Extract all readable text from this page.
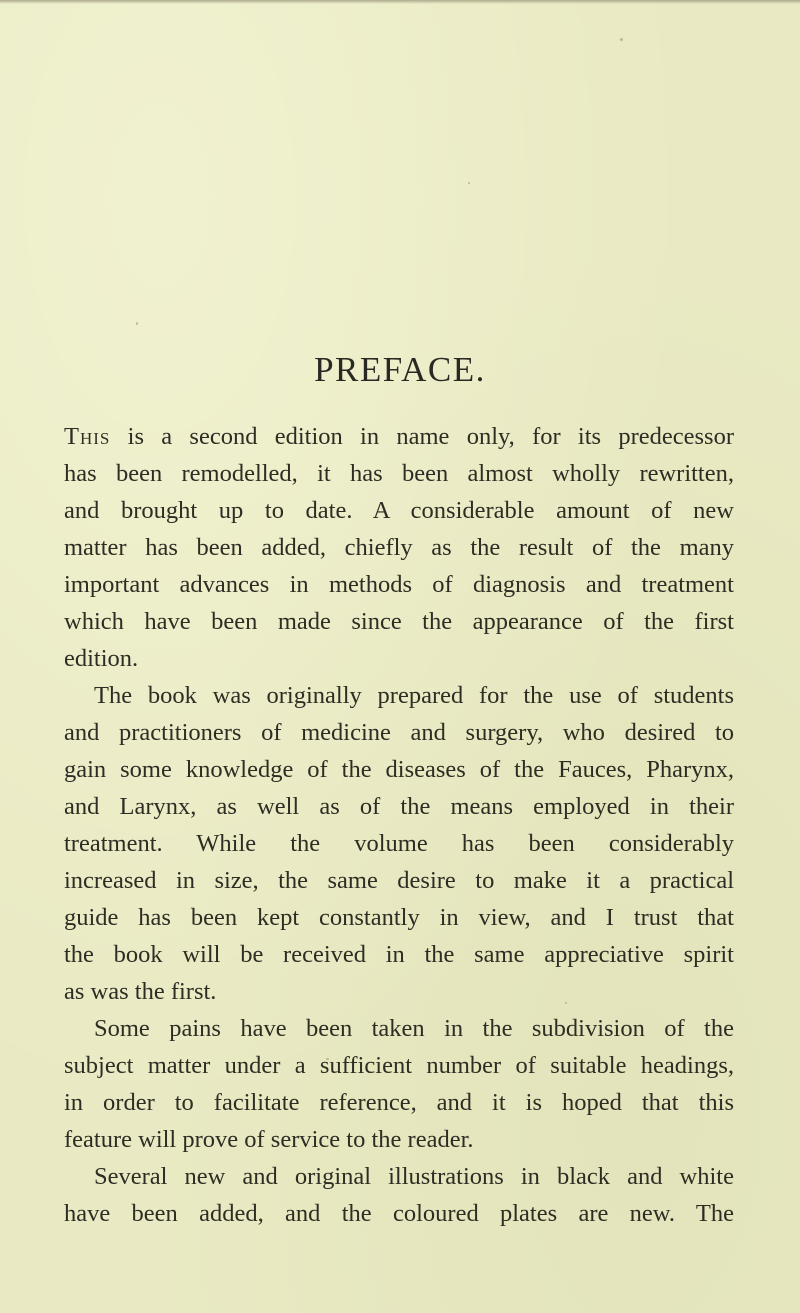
PREFACE.
This is a second edition in name only, for its predecessor
has been remodelled, it has been almost wholly rewritten,
and brought up to date. A considerable amount of new
matter has been added, chiefly as the result of the many
important advances in methods of diagnosis and treatment
which have been made since the appearance of the first
edition.
The book was originally prepared for the use of students
and practitioners of medicine and surgery, who desired to
gain some knowledge of the diseases of the Fauces, Pharynx,
and Larynx, as well as of the means employed in their
treatment. While the volume has been considerably
increased in size, the same desire to make it a practical
guide has been kept constantly in view, and I trust that
the book will be received in the same appreciative spirit
as was the first.
Some pains have been taken in the subdivision of the
subject matter under a sufficient number of suitable headings,
in order to facilitate reference, and it is hoped that this
feature will prove of service to the reader.
Several new and original illustrations in black and white
have been added, and the coloured plates are new. The
